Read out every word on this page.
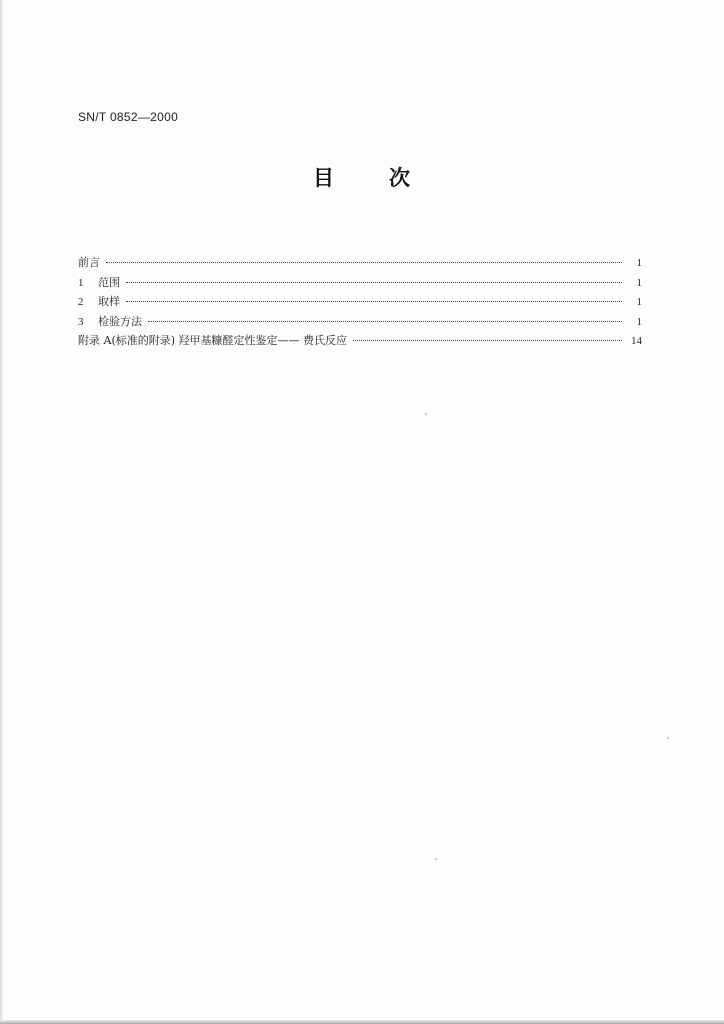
SN/T 0852—2000
目	次
前言	1
1	范围	1
2	取样	1
3	检验方法	1
附录 A(标准的附录) 羟甲基糠醛定性鉴定—— 费氏反应	14
